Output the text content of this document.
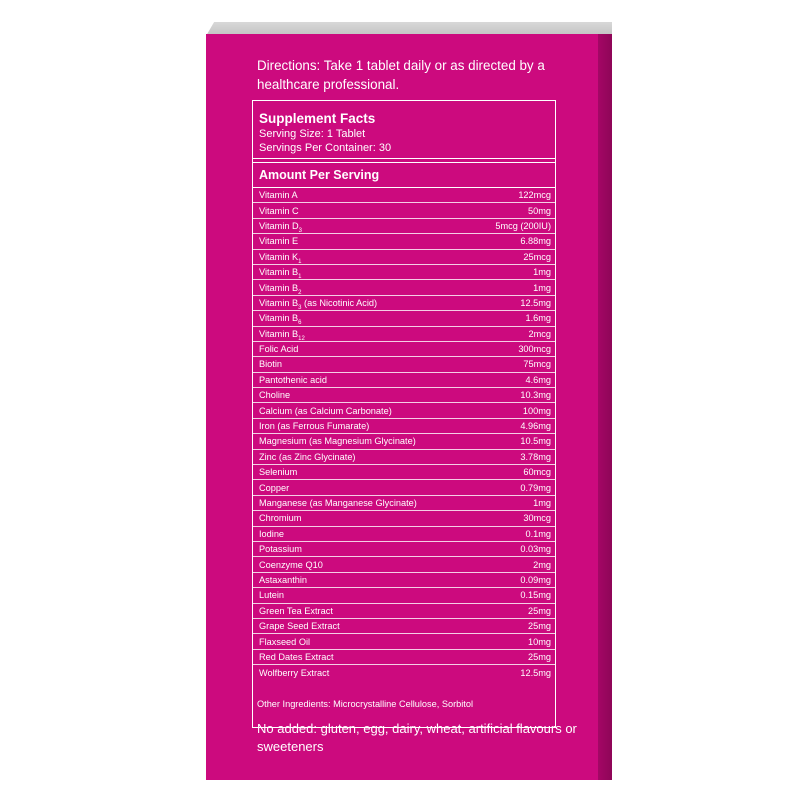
Directions: Take 1 tablet daily or as directed by a healthcare professional.
Supplement Facts
Serving Size: 1 Tablet
Servings Per Container: 30
Amount Per Serving
Vitamin A	122mcg
Vitamin C	50mg
Vitamin $D_3$	5mcg (200IU)
Vitamin E	6.88mg
Vitamin $K_1$	25mcg
Vitamin $B_1$	1mg
Vitamin $B_2$	1mg
Vitamin $B_3$ (as Nicotinic Acid)	12.5mg
Vitamin $B_6$	1.6mg
Vitamin $B_{12}$	2mcg
Folic Acid	300mcg
Biotin	75mcg
Pantothenic acid	4.6mg
Choline	10.3mg
Calcium (as Calcium Carbonate)	100mg
Iron (as Ferrous Fumarate)	4.96mg
Magnesium (as Magnesium Glycinate)	10.5mg
Zinc (as Zinc Glycinate)	3.78mg
Selenium	60mcg
Copper	0.79mg
Manganese (as Manganese Glycinate)	1mg
Chromium	30mcg
Iodine	0.1mg
Potassium	0.03mg
Coenzyme Q10	2mg
Astaxanthin	0.09mg
Lutein	0.15mg
Green Tea Extract	25mg
Grape Seed Extract	25mg
Flaxseed Oil	10mg
Red Dates Extract	25mg
Wolfberry Extract	12.5mg
Other Ingredients: Microcrystalline Cellulose, Sorbitol
No added: gluten, egg, dairy, wheat, artificial flavours or sweeteners
